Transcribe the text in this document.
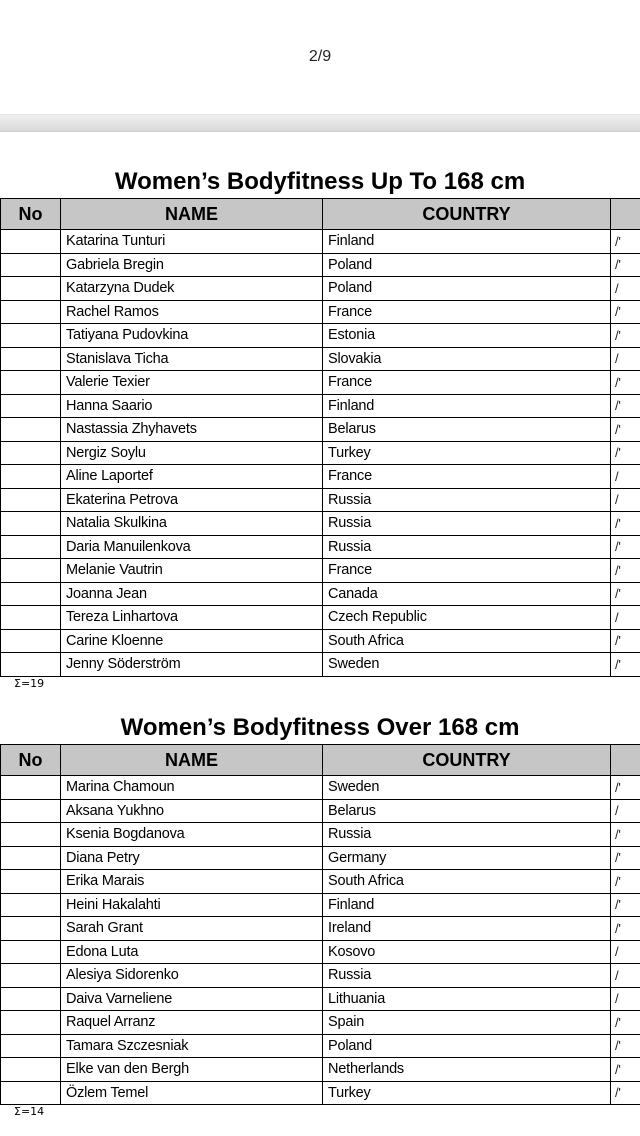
2/9
Women’s Bodyfitness Up To 168 cm
No	NAME	COUNTRY	
	Katarina Tunturi	Finland	/'
	Gabriela Bregin	Poland	/'
	Katarzyna Dudek	Poland	/
	Rachel Ramos	France	/'
	Tatiyana Pudovkina	Estonia	/'
	Stanislava Ticha	Slovakia	/
	Valerie Texier	France	/'
	Hanna Saario	Finland	/'
	Nastassia Zhyhavets	Belarus	/'
	Nergiz Soylu	Turkey	/'
	Aline Laportef	France	/
	Ekaterina Petrova	Russia	/
	Natalia Skulkina	Russia	/'
	Daria Manuilenkova	Russia	/'
	Melanie Vautrin	France	/'
	Joanna Jean	Canada	/'
	Tereza Linhartova	Czech Republic	/
	Carine Kloenne	South Africa	/'
	Jenny Söderström	Sweden	/'
Σ=19
Women’s Bodyfitness Over 168 cm
No	NAME	COUNTRY	
	Marina Chamoun	Sweden	/'
	Aksana Yukhno	Belarus	/
	Ksenia Bogdanova	Russia	/'
	Diana Petry	Germany	/'
	Erika Marais	South Africa	/'
	Heini Hakalahti	Finland	/'
	Sarah Grant	Ireland	/'
	Edona Luta	Kosovo	/
	Alesiya Sidorenko	Russia	/
	Daiva Varneliene	Lithuania	/
	Raquel Arranz	Spain	/'
	Tamara Szczesniak	Poland	/'
	Elke van den Bergh	Netherlands	/'
	Özlem Temel	Turkey	/'
Σ=14
